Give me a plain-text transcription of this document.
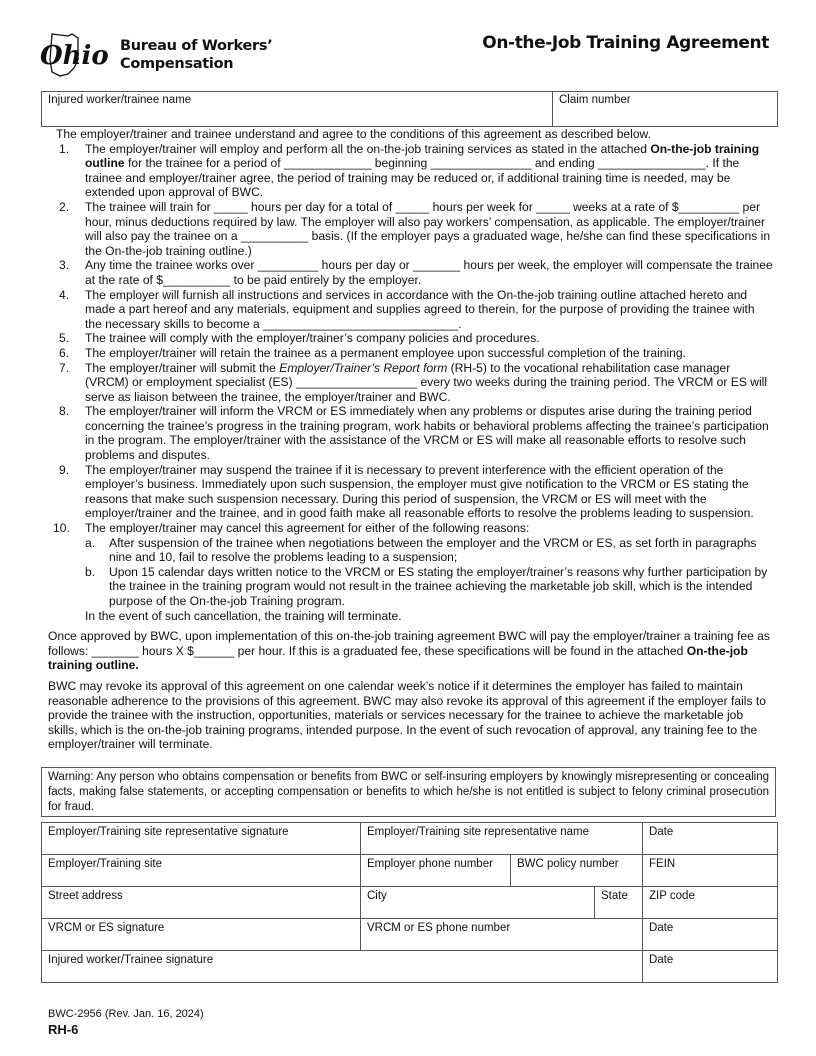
Ohio Bureau of Workers’
Compensation
On-the-Job Training Agreement
Injured worker/trainee name	Claim number

The employer/trainer and trainee understand and agree to the conditions of this agreement as described below.

1. The employer/trainer will employ and perform all the on-the-job training services as stated in the attached On-the-job training outline for the trainee for a period of _____________ beginning _______________ and ending ________________. If the trainee and employer/trainer agree, the period of training may be reduced or, if additional training time is needed, may be extended upon approval of BWC.
2. The trainee will train for _____ hours per day for a total of _____ hours per week for _____ weeks at a rate of $_________ per hour, minus deductions required by law. The employer will also pay workers’ compensation, as applicable. The employer/trainer will also pay the trainee on a __________ basis. (If the employer pays a graduated wage, he/she can find these specifications in the On-the-job training outline.)
3. Any time the trainee works over _________ hours per day or _______ hours per week, the employer will compensate the trainee at the rate of $__________ to be paid entirely by the employer.
4. The employer will furnish all instructions and services in accordance with the On-the-job training outline attached hereto and made a part hereof and any materials, equipment and supplies agreed to therein, for the purpose of providing the trainee with the necessary skills to become a _____________________________.
5. The trainee will comply with the employer/trainer’s company policies and procedures.
6. The employer/trainer will retain the trainee as a permanent employee upon successful completion of the training.
7. The employer/trainer will submit the Employer/Trainer’s Report form (RH-5) to the vocational rehabilitation case manager (VRCM) or employment specialist (ES) __________________ every two weeks during the training period. The VRCM or ES will serve as liaison between the trainee, the employer/trainer and BWC.
8. The employer/trainer will inform the VRCM or ES immediately when any problems or disputes arise during the training period concerning the trainee’s progress in the training program, work habits or behavioral problems affecting the trainee’s participation in the program. The employer/trainer with the assistance of the VRCM or ES will make all reasonable efforts to resolve such problems and disputes.
9. The employer/trainer may suspend the trainee if it is necessary to prevent interference with the efficient operation of the employer’s business. Immediately upon such suspension, the employer must give notification to the VRCM or ES stating the reasons that make such suspension necessary. During this period of suspension, the VRCM or ES will meet with the employer/trainer and the trainee, and in good faith make all reasonable efforts to resolve the problems leading to suspension.
10. The employer/trainer may cancel this agreement for either of the following reasons:
a. After suspension of the trainee when negotiations between the employer and the VRCM or ES, as set forth in paragraphs nine and 10, fail to resolve the problems leading to a suspension;
b. Upon 15 calendar days written notice to the VRCM or ES stating the employer/trainer’s reasons why further participation by the trainee in the training program would not result in the trainee achieving the marketable job skill, which is the intended purpose of the On-the-job Training program.
In the event of such cancellation, the training will terminate.

Once approved by BWC, upon implementation of this on-the-job training agreement BWC will pay the employer/trainer a training fee as follows: _______ hours X $______ per hour. If this is a graduated fee, these specifications will be found in the attached On-the-job training outline.

BWC may revoke its approval of this agreement on one calendar week’s notice if it determines the employer has failed to maintain reasonable adherence to the provisions of this agreement. BWC may also revoke its approval of this agreement if the employer fails to provide the trainee with the instruction, opportunities, materials or services necessary for the trainee to achieve the marketable job skills, which is the on-the-job training programs, intended purpose. In the event of such revocation of approval, any training fee to the employer/trainer will terminate.

Warning: Any person who obtains compensation or benefits from BWC or self-insuring employers by knowingly misrepresenting or concealing facts, making false statements, or accepting compensation or benefits to which he/she is not entitled is subject to felony criminal prosecution for fraud.
Employer/Training site representative signature	Employer/Training site representative name			Date
Employer/Training site	Employer phone number	BWC policy number		FEIN
Street address	City		State	ZIP code
VRCM or ES signature	VRCM or ES phone number			Date
Injured worker/Trainee signature				Date
BWC-2956 (Rev. Jan. 16, 2024)
RH-6
